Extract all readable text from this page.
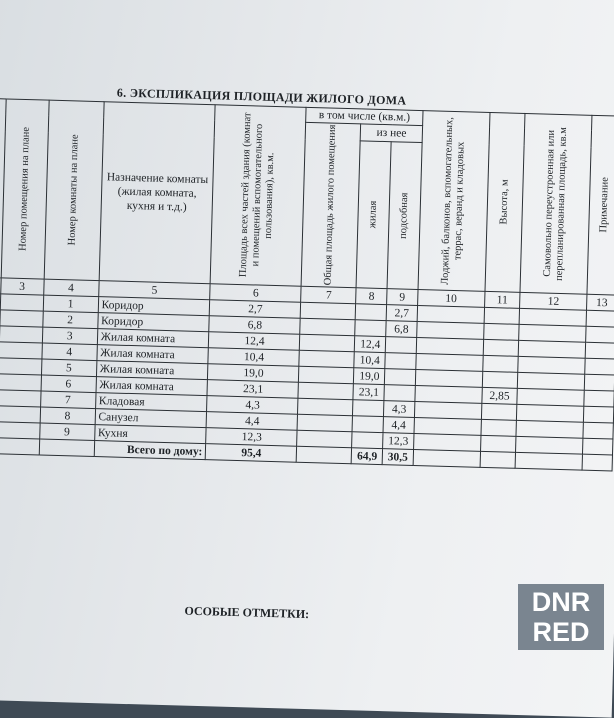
6. ЭКСПЛИКАЦИЯ ПЛОЩАДИ ЖИЛОГО ДОМА

Номер помещения на плане	Номер комнаты на плане	Назначение комнаты (жилая комната, кухня и т.д.)	Площадь всех частей здания (комнат и помещений вспомогательного пользования), кв.м.	в том числе (кв.м.)			Лоджий, балконов, вспомогательных, террас, веранд и кладовых	Высота, м	Самовольно переустроенная или перепланированная площадь, кв.м	Примечание

					Общая площадь жилого помещения	из нее					

						жилая	подсобная				

	3	4	5	6	7	8	9	10	11	12	13
		1	Коридор	2,7			2,7				
		2	Коридор	6,8			6,8				
		3	Жилая комната	12,4		12,4					
		4	Жилая комната	10,4		10,4					
		5	Жилая комната	19,0		19,0					
		6	Жилая комната	23,1		23,1			2,85		
		7	Кладовая	4,3			4,3				
		8	Санузел	4,4			4,4				
		9	Кухня	12,3			12,3				
			Всего по дому:	95,4		64,9	30,5				
ОСОБЫЕ ОТМЕТКИ:
DNR
RED
